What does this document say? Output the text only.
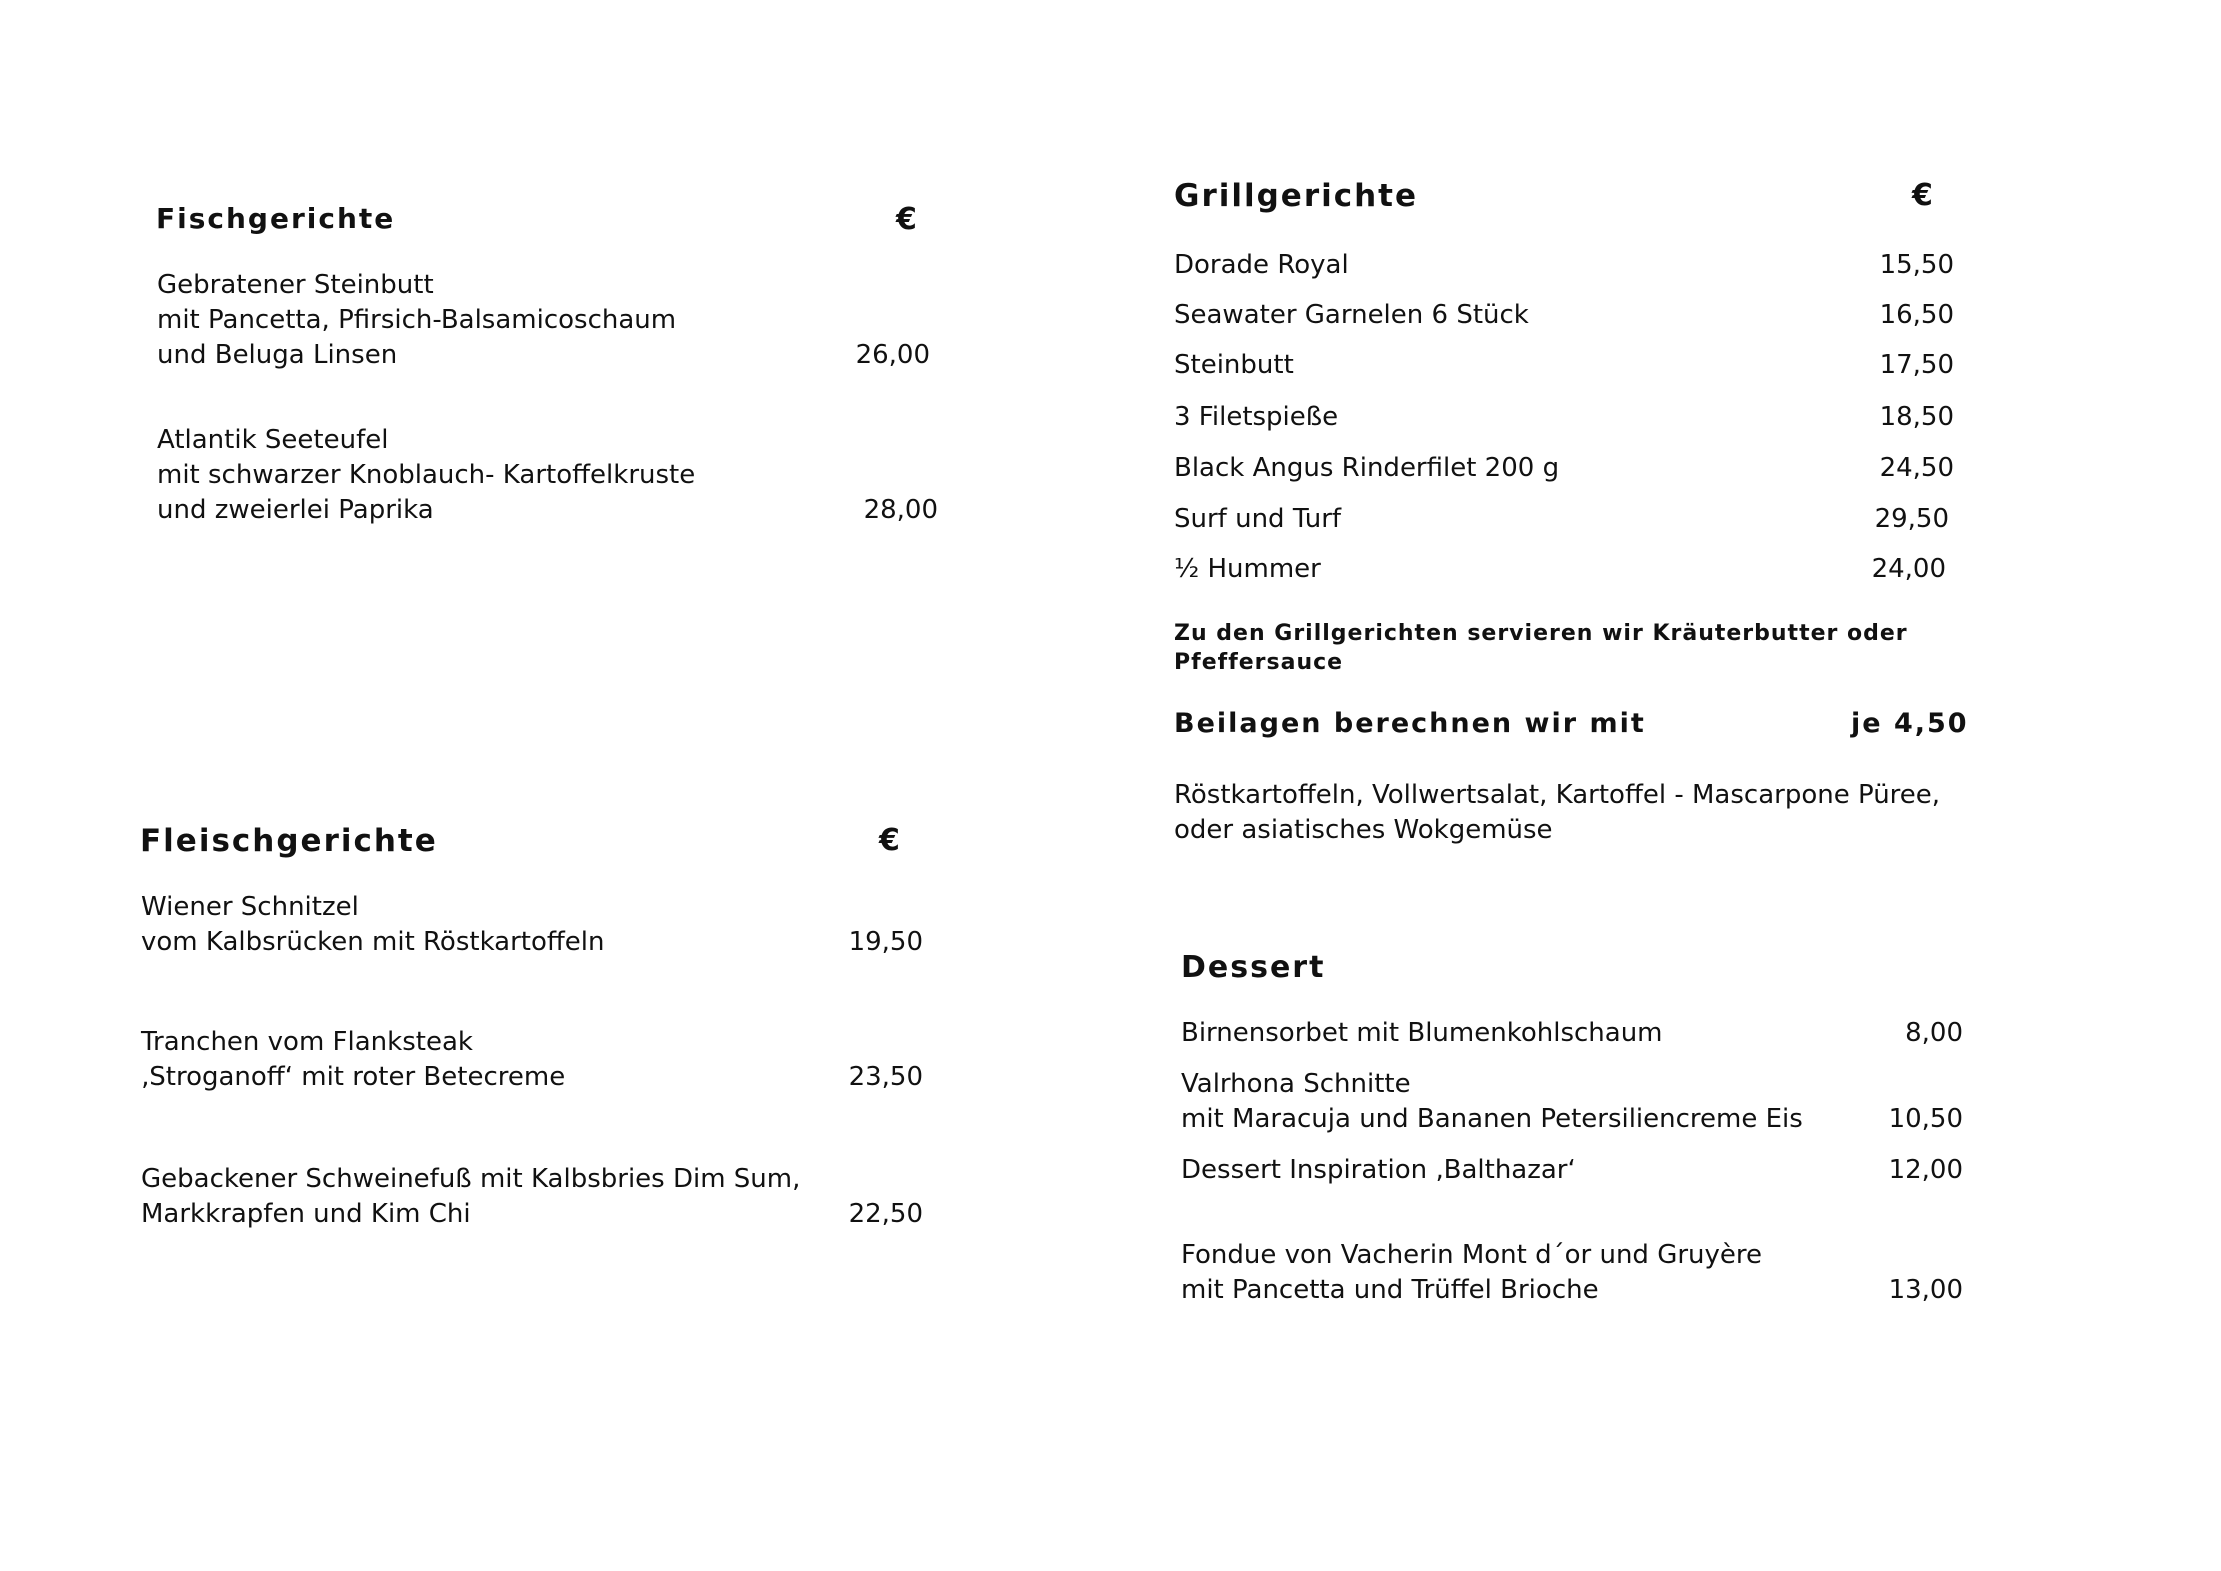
Fischgerichte	€
Gebratener Steinbutt
mit Pancetta, Pfirsich-Balsamicoschaum
und Beluga Linsen	26,00
Atlantik Seeteufel
mit schwarzer Knoblauch- Kartoffelkruste
und zweierlei Paprika	28,00
Fleischgerichte	€
Wiener Schnitzel
vom Kalbsrücken mit Röstkartoffeln	19,50
Tranchen vom Flanksteak
‚Stroganoff‘ mit roter Betecreme	23,50
Gebackener Schweinefuß mit Kalbsbries Dim Sum,
Markkrapfen und Kim Chi	22,50
Grillgerichte	€
Dorade Royal	15,50
Seawater Garnelen 6 Stück	16,50
Steinbutt	17,50
3 Filetspieße	18,50
Black Angus Rinderfilet 200 g	24,50
Surf und Turf	29,50
½ Hummer	24,00
Zu den Grillgerichten servieren wir Kräuterbutter oder
Pfeffersauce
Beilagen berechnen wir mit	je 4,50
Röstkartoffeln, Vollwertsalat, Kartoffel - Mascarpone Püree,
oder asiatisches Wokgemüse
Dessert
Birnensorbet mit Blumenkohlschaum	8,00
Valrhona Schnitte
mit Maracuja und Bananen Petersiliencreme Eis	10,50
Dessert Inspiration ‚Balthazar‘	12,00
Fondue von Vacherin Mont d´or und Gruyère
mit Pancetta und Trüffel Brioche	13,00
